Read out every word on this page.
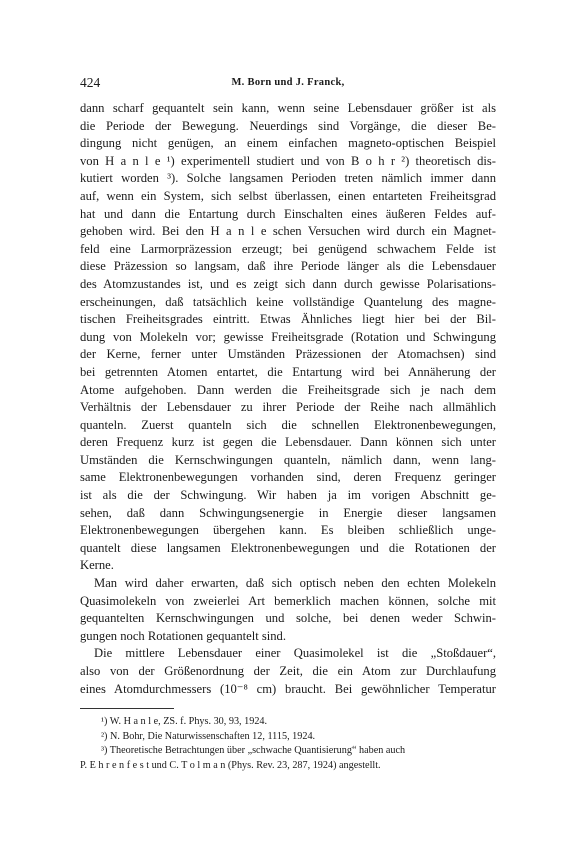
424	M. Born und J. Franck,
dann scharf gequantelt sein kann, wenn seine Lebensdauer größer ist als
die Periode der Bewegung. Neuerdings sind Vorgänge, die dieser Be-
dingung nicht genügen, an einem einfachen magneto-optischen Beispiel
von H a n l e ¹) experimentell studiert und von B o h r ²) theoretisch dis-
kutiert worden ³). Solche langsamen Perioden treten nämlich immer dann
auf, wenn ein System, sich selbst überlassen, einen entarteten Freiheitsgrad
hat und dann die Entartung durch Einschalten eines äußeren Feldes auf-
gehoben wird. Bei den H a n l e schen Versuchen wird durch ein Magnet-
feld eine Larmorpräzession erzeugt; bei genügend schwachem Felde ist
diese Präzession so langsam, daß ihre Periode länger als die Lebensdauer
des Atomzustandes ist, und es zeigt sich dann durch gewisse Polarisations-
erscheinungen, daß tatsächlich keine vollständige Quantelung des magne-
tischen Freiheitsgrades eintritt. Etwas Ähnliches liegt hier bei der Bil-
dung von Molekeln vor; gewisse Freiheitsgrade (Rotation und Schwingung
der Kerne, ferner unter Umständen Präzessionen der Atomachsen) sind
bei getrennten Atomen entartet, die Entartung wird bei Annäherung der
Atome aufgehoben. Dann werden die Freiheitsgrade sich je nach dem
Verhältnis der Lebensdauer zu ihrer Periode der Reihe nach allmählich
quanteln. Zuerst quanteln sich die schnellen Elektronenbewegungen,
deren Frequenz kurz ist gegen die Lebensdauer. Dann können sich unter
Umständen die Kernschwingungen quanteln, nämlich dann, wenn lang-
same Elektronenbewegungen vorhanden sind, deren Frequenz geringer
ist als die der Schwingung. Wir haben ja im vorigen Abschnitt ge-
sehen, daß dann Schwingungsenergie in Energie dieser langsamen
Elektronenbewegungen übergehen kann. Es bleiben schließlich unge-
quantelt diese langsamen Elektronenbewegungen und die Rotationen der
Kerne.
Man wird daher erwarten, daß sich optisch neben den echten Molekeln
Quasimolekeln von zweierlei Art bemerklich machen können, solche mit
gequantelten Kernschwingungen und solche, bei denen weder Schwin-
gungen noch Rotationen gequantelt sind.
Die mittlere Lebensdauer einer Quasimolekel ist die „Stoßdauer“,
also von der Größenordnung der Zeit, die ein Atom zur Durchlaufung
eines Atomdurchmessers (10⁻⁸ cm) braucht. Bei gewöhnlicher Temperatur
¹) W. H a n l e, ZS. f. Phys. 30, 93, 1924.
²) N. Bohr, Die Naturwissenschaften 12, 1115, 1924.
³) Theoretische Betrachtungen über „schwache Quantisierung“ haben auch
P. E h r e n f e s t und C. T o l m a n (Phys. Rev. 23, 287, 1924) angestellt.
